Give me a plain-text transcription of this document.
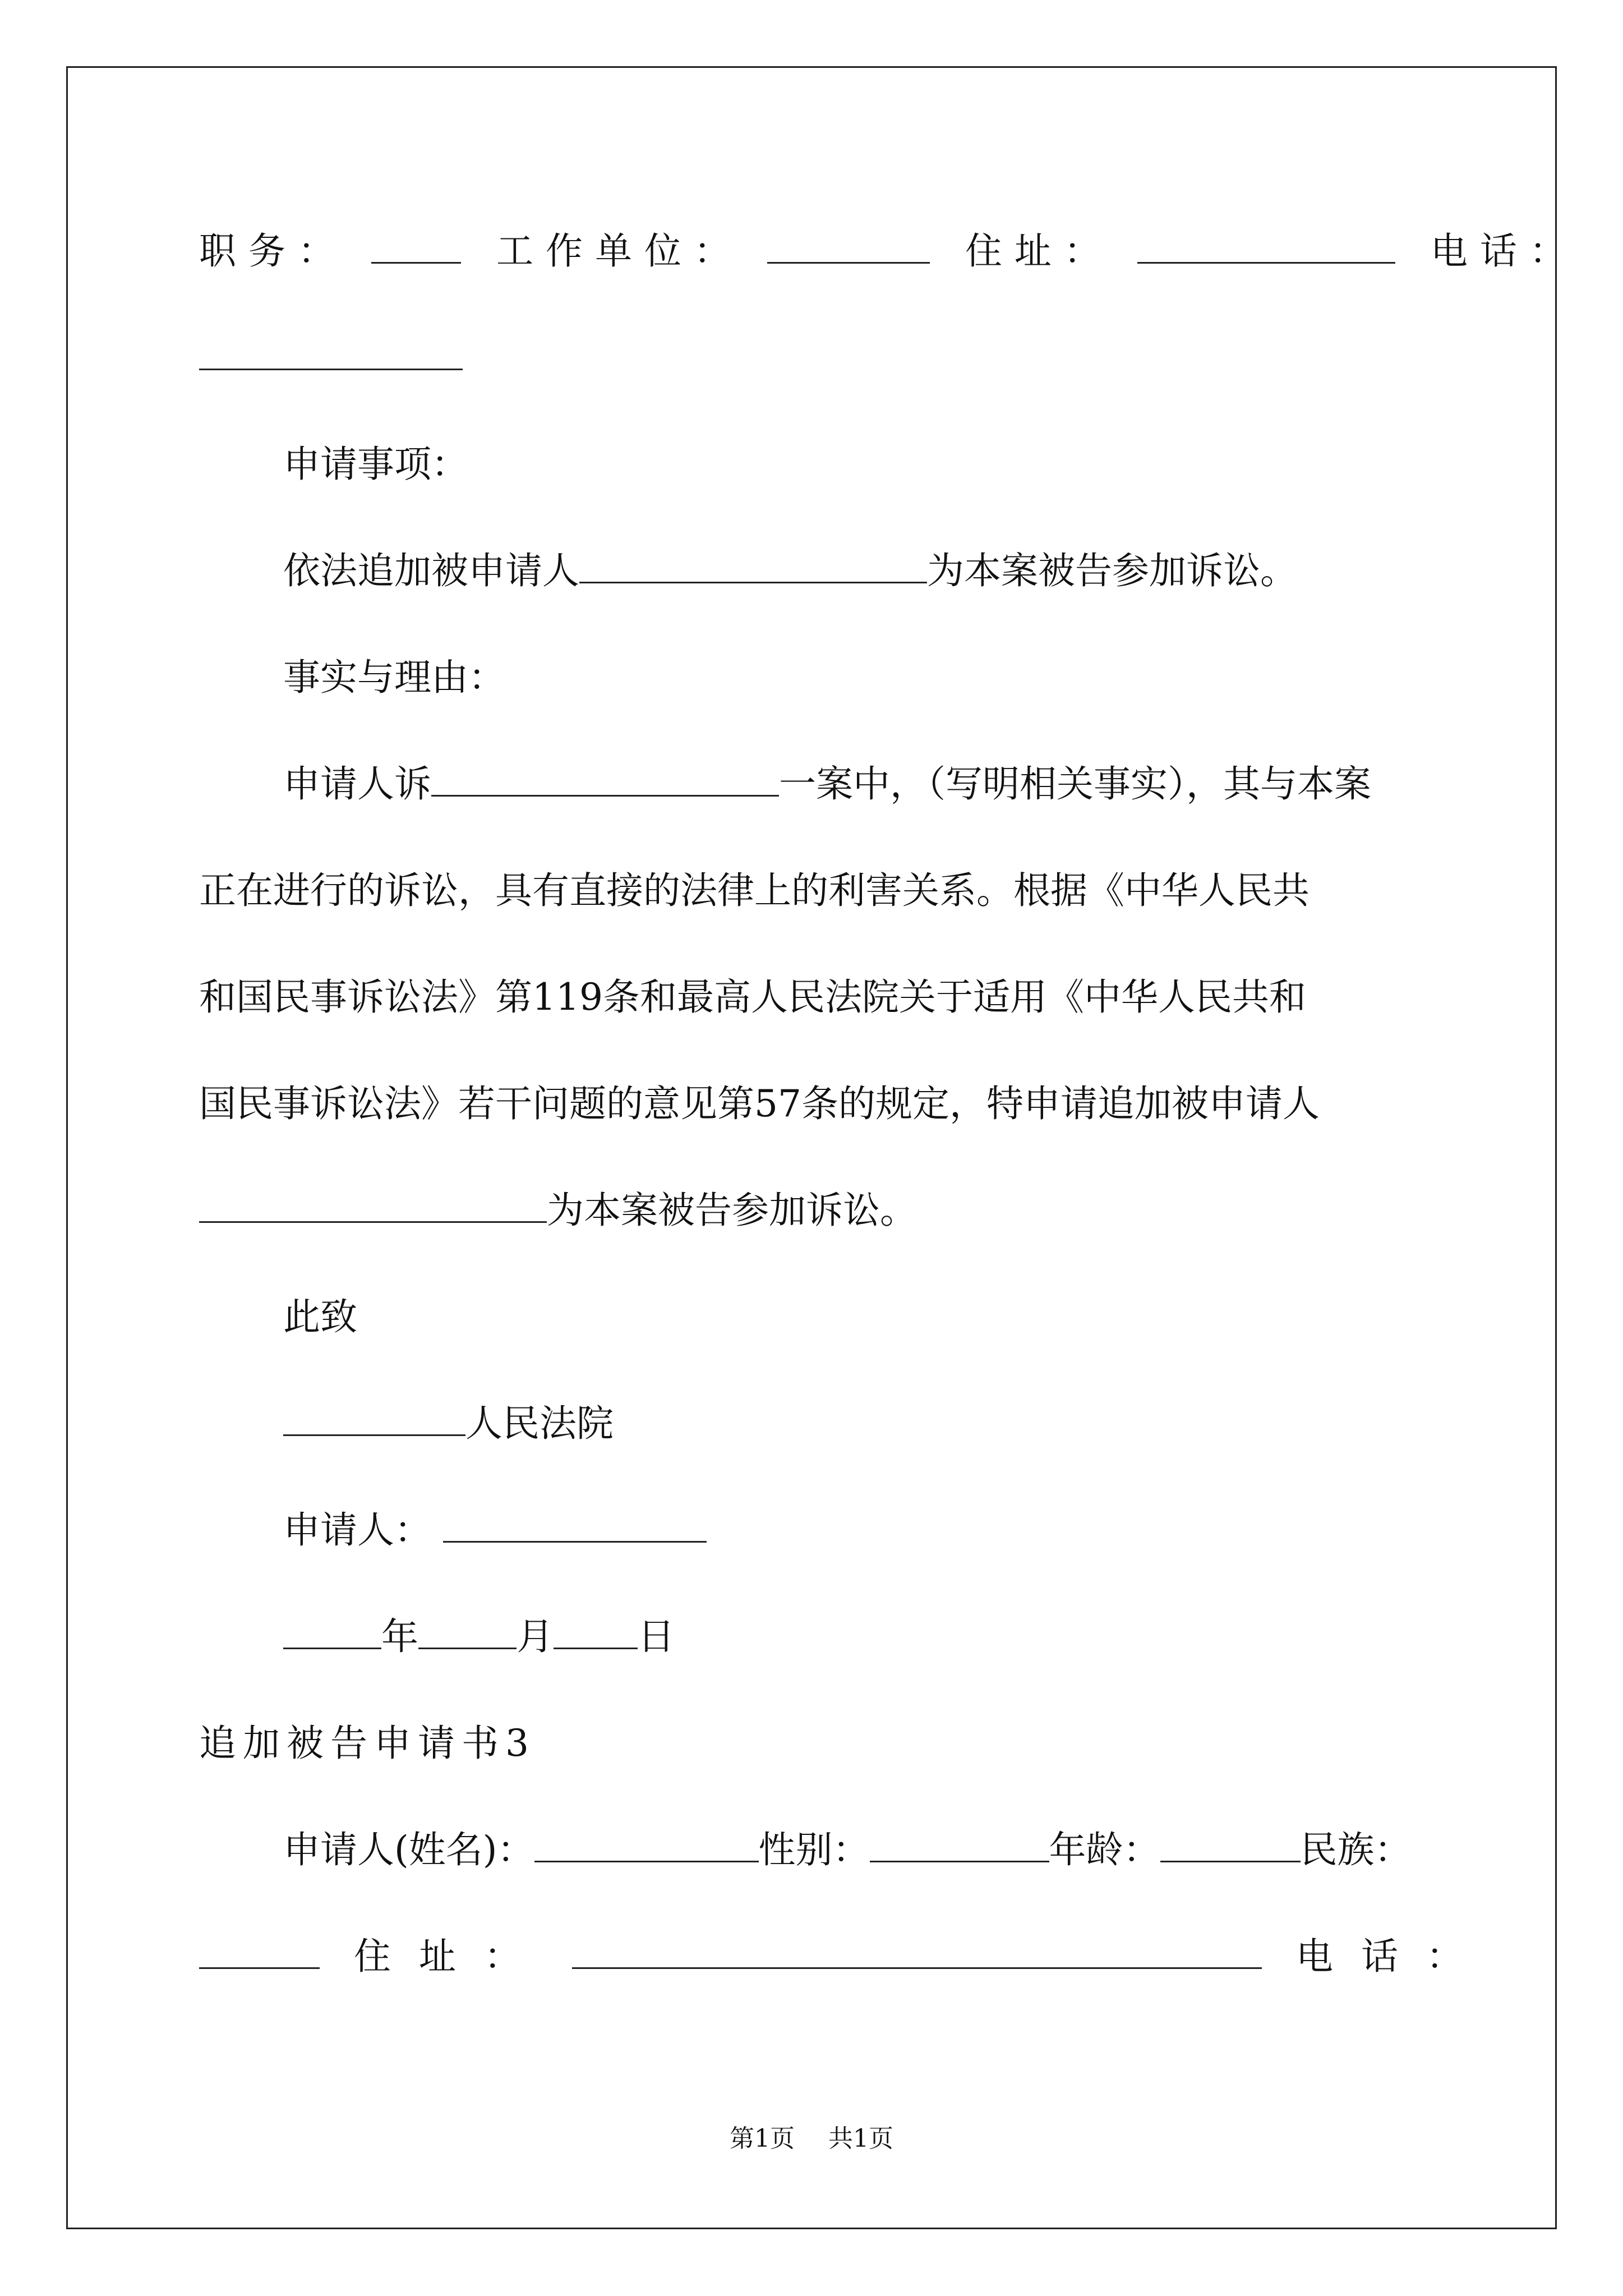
职务：	工作单位：	住址：	电话：
申请事项：
依法追加被申请人	为本案被告参加诉讼。
事实与理由：
申请人诉	一案中，（写明相关事实），其与本案
正在进行的诉讼，具有直接的法律上的利害关系。根据《中华人民共
和国民事诉讼法》第119条和最高人民法院关于适用《中华人民共和
国民事诉讼法》若干问题的意见第57条的规定，特申请追加被申请人
为本案被告参加诉讼。
此致
人民法院
申请人：
年	月 日
追加被告申请书3
申请人(姓名)：	性别：	年龄：	民族：
住址：	电话：
第1页 共1页
